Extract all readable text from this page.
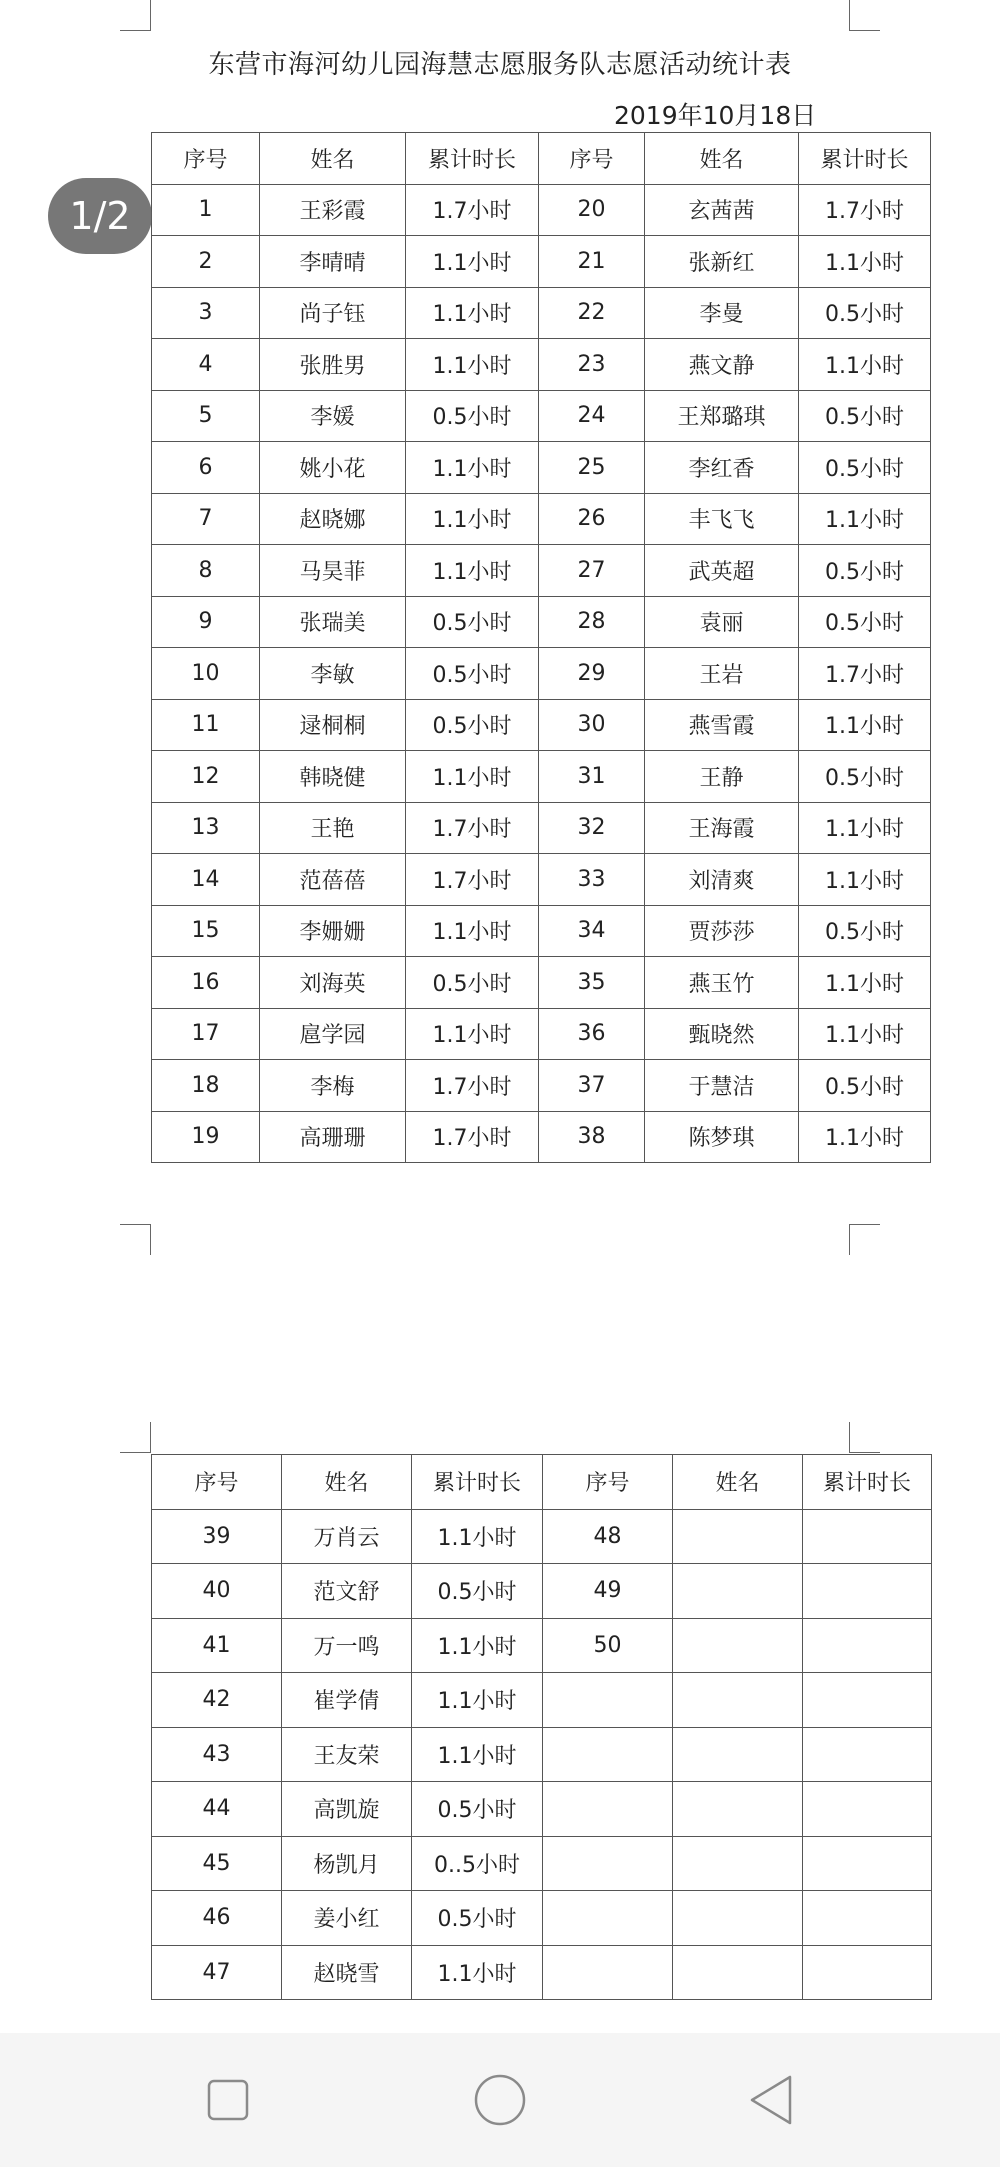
东营市海河幼儿园海慧志愿服务队志愿活动统计表
2019年10月18日
序号	姓名	累计时长	序号	姓名	累计时长
1	王彩霞	1.7小时	20	玄茜茜	1.7小时
2	李晴晴	1.1小时	21	张新红	1.1小时
3	尚子钰	1.1小时	22	李曼	0.5小时
4	张胜男	1.1小时	23	燕文静	1.1小时
5	李媛	0.5小时	24	王郑璐琪	0.5小时
6	姚小花	1.1小时	25	李红香	0.5小时
7	赵晓娜	1.1小时	26	丰飞飞	1.1小时
8	马昊菲	1.1小时	27	武英超	0.5小时
9	张瑞美	0.5小时	28	袁丽	0.5小时
10	李敏	0.5小时	29	王岩	1.7小时
11	逯桐桐	0.5小时	30	燕雪霞	1.1小时
12	韩晓健	1.1小时	31	王静	0.5小时
13	王艳	1.7小时	32	王海霞	1.1小时
14	范蓓蓓	1.7小时	33	刘清爽	1.1小时
15	李姗姗	1.1小时	34	贾莎莎	0.5小时
16	刘海英	0.5小时	35	燕玉竹	1.1小时
17	扈学园	1.1小时	36	甄晓然	1.1小时
18	李梅	1.7小时	37	于慧洁	0.5小时
19	高珊珊	1.7小时	38	陈梦琪	1.1小时
1/2
序号	姓名	累计时长	序号	姓名	累计时长
39	万肖云	1.1小时	48		
40	范文舒	0.5小时	49		
41	万一鸣	1.1小时	50		
42	崔学倩	1.1小时			
43	王友荣	1.1小时			
44	高凯旋	0.5小时			
45	杨凯月	0..5小时			
46	姜小红	0.5小时			
47	赵晓雪	1.1小时			
